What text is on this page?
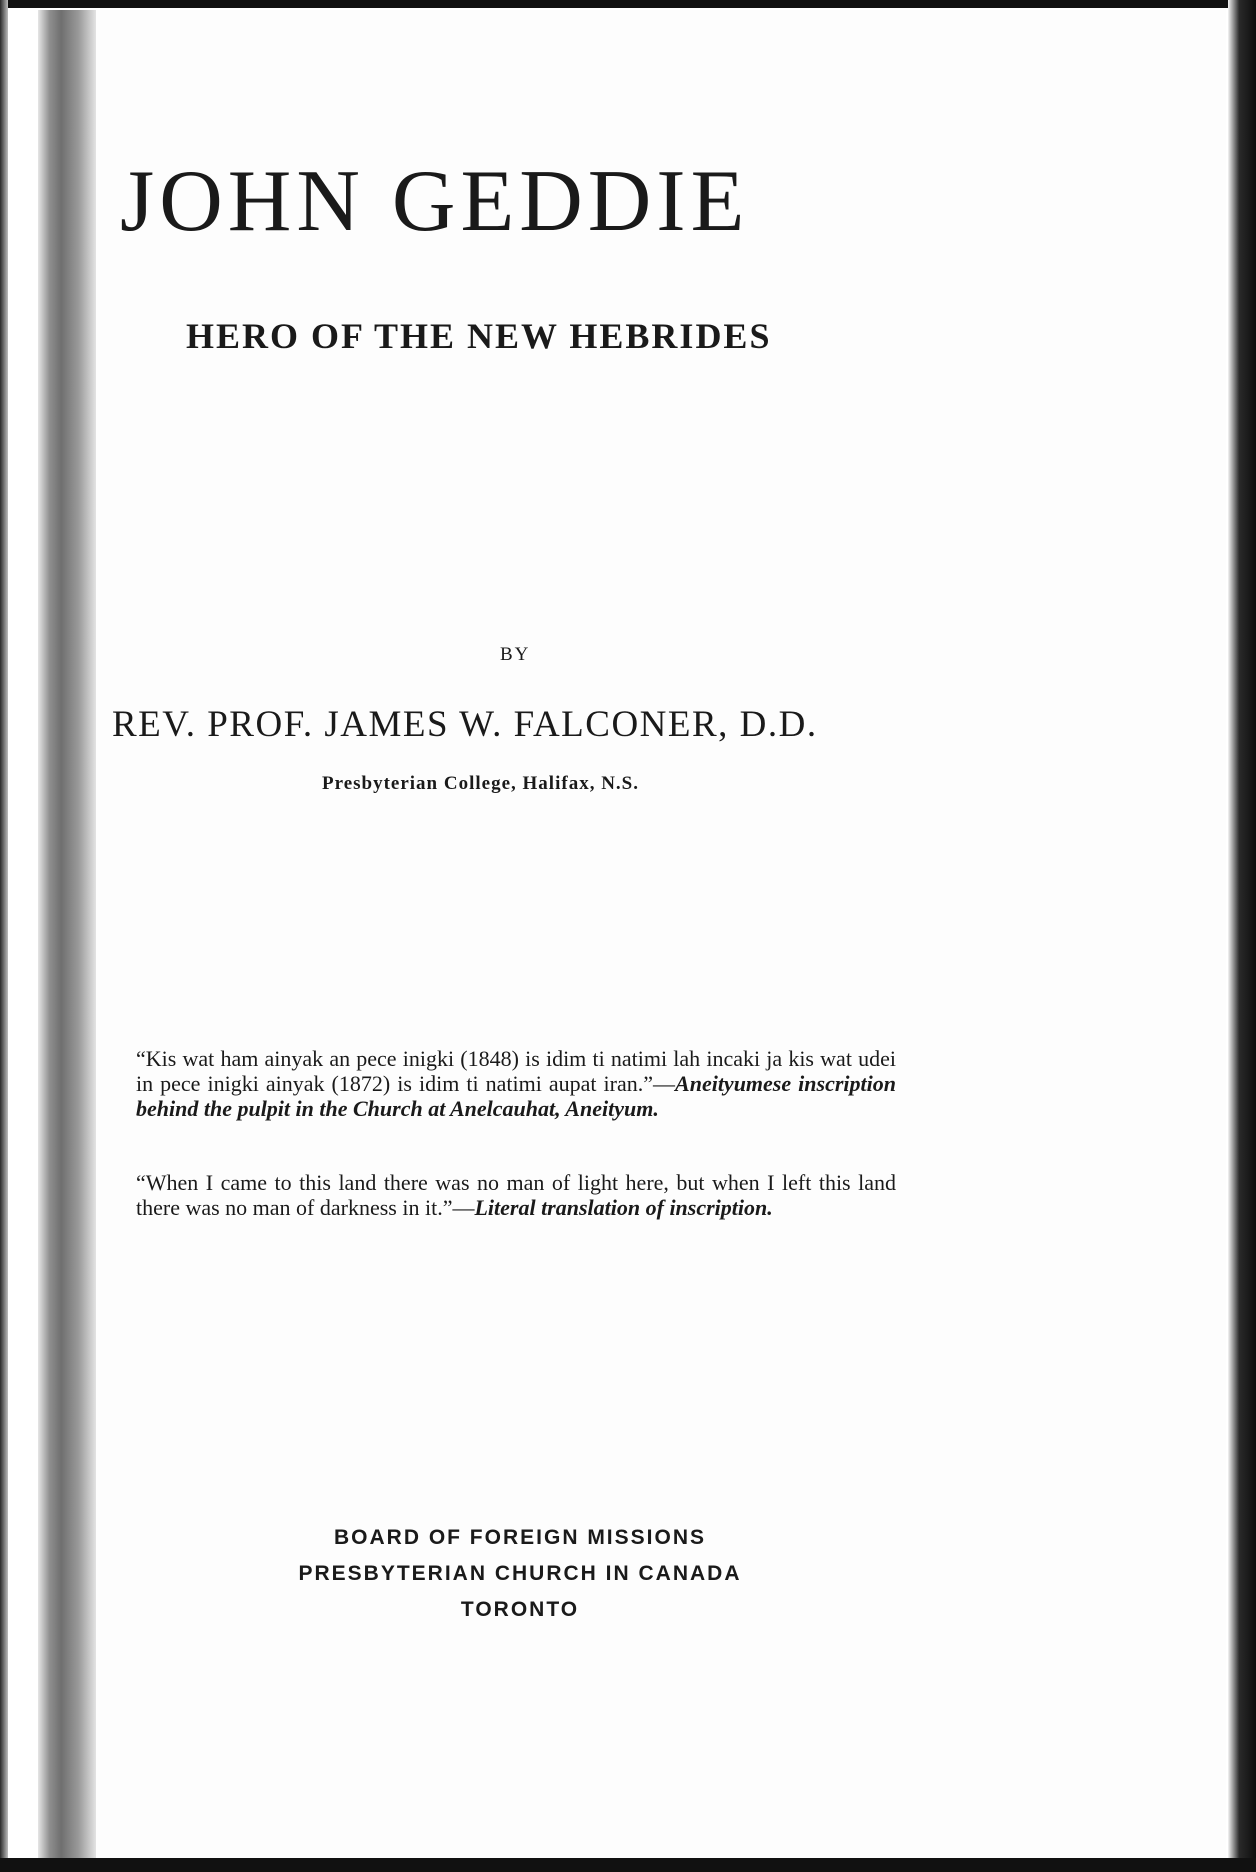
JOHN GEDDIE
HERO OF THE NEW HEBRIDES
BY
REV. PROF. JAMES W. FALCONER, D.D.
Presbyterian College, Halifax, N.S.

“Kis wat ham ainyak an pece inigki (1848) is idim ti natimi lah incaki ja kis wat udei in pece inigki ainyak (1872) is idim ti natimi aupat iran.”—Aneityumese inscription behind the pulpit in the Church at Anelcauhat, Aneityum.

“When I came to this land there was no man of light here, but when I left this land there was no man of darkness in it.”—Literal translation of inscription.

BOARD OF FOREIGN MISSIONS
PRESBYTERIAN CHURCH IN CANADA
TORONTO
